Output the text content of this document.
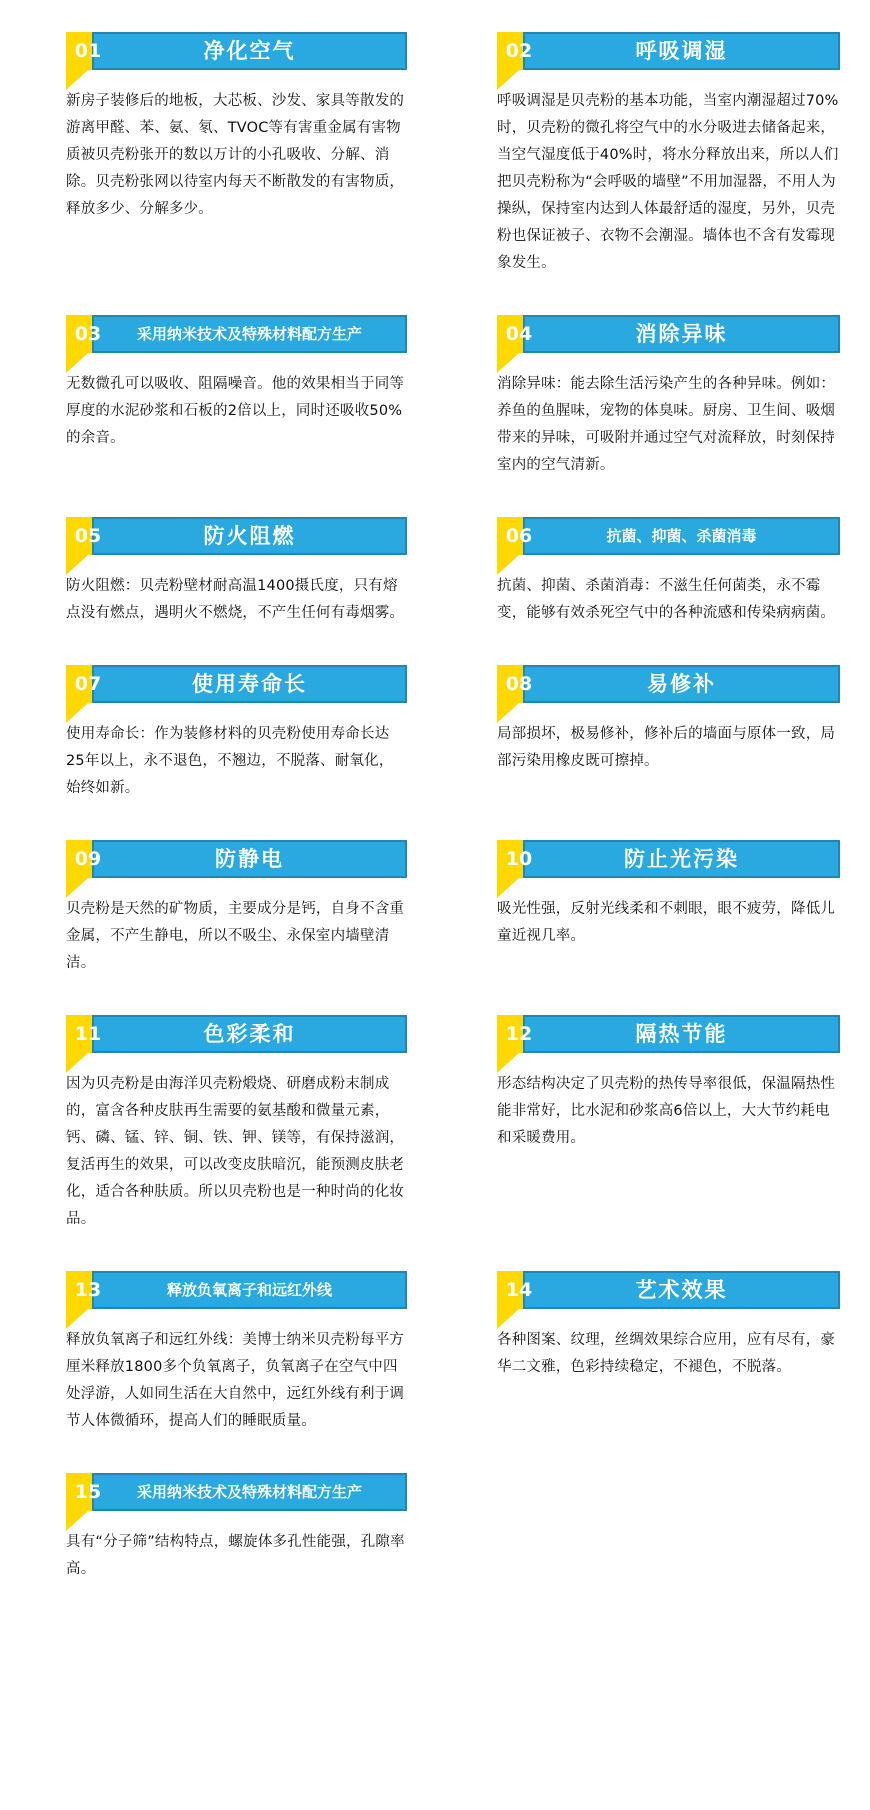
01	净化空气
新房子装修后的地板，大芯板、沙发、家具等散发的游离甲醛、苯、氨、氡、TVOC等有害重金属有害物质被贝壳粉张开的数以万计的小孔吸收、分解、消除。贝壳粉张网以待室内每天不断散发的有害物质，释放多少、分解多少。
02	呼吸调湿
呼吸调湿是贝壳粉的基本功能，当室内潮湿超过70%时，贝壳粉的微孔将空气中的水分吸进去储备起来，当空气湿度低于40%时，将水分释放出来，所以人们把贝壳粉称为“会呼吸的墙壁”不用加湿器，不用人为操纵，保持室内达到人体最舒适的湿度，另外，贝壳粉也保证被子、衣物不会潮湿。墙体也不含有发霉现象发生。
03	采用纳米技术及特殊材料配方生产
无数微孔可以吸收、阻隔噪音。他的效果相当于同等厚度的水泥砂浆和石板的2倍以上，同时还吸收50%的余音。
04	消除异味
消除异味：能去除生活污染产生的各种异味。例如：养鱼的鱼腥味，宠物的体臭味。厨房、卫生间、吸烟带来的异味，可吸附并通过空气对流释放，时刻保持室内的空气清新。
05	防火阻燃
防火阻燃：贝壳粉壁材耐高温1400摄氏度，只有熔点没有燃点，遇明火不燃烧，不产生任何有毒烟雾。
06	抗菌、抑菌、杀菌消毒
抗菌、抑菌、杀菌消毒：不滋生任何菌类，永不霉变，能够有效杀死空气中的各种流感和传染病病菌。
07	使用寿命长
使用寿命长：作为装修材料的贝壳粉使用寿命长达25年以上，永不退色，不翘边，不脱落、耐氧化，始终如新。
08	易修补
局部损坏，极易修补，修补后的墙面与原体一致，局部污染用橡皮既可擦掉。
09	防静电
贝壳粉是天然的矿物质，主要成分是钙，自身不含重金属，不产生静电，所以不吸尘、永保室内墙壁清洁。
10	防止光污染
吸光性强，反射光线柔和不刺眼，眼不疲劳，降低儿童近视几率。
11	色彩柔和
因为贝壳粉是由海洋贝壳粉煅烧、研磨成粉末制成的，富含各种皮肤再生需要的氨基酸和微量元素，钙、磷、锰、锌、铜、铁、钾、镁等，有保持滋润，复活再生的效果，可以改变皮肤暗沉，能预测皮肤老化，适合各种肤质。所以贝壳粉也是一种时尚的化妆品。
12	隔热节能
形态结构决定了贝壳粉的热传导率很低，保温隔热性能非常好，比水泥和砂浆高6倍以上，大大节约耗电和采暖费用。
13	释放负氧离子和远红外线
释放负氧离子和远红外线：美博士纳米贝壳粉每平方厘米释放1800多个负氧离子，负氧离子在空气中四处浮游，人如同生活在大自然中，远红外线有利于调节人体微循环，提高人们的睡眠质量。
14	艺术效果
各种图案、纹理，丝绸效果综合应用，应有尽有，豪华二文雅，色彩持续稳定，不褪色，不脱落。
15	采用纳米技术及特殊材料配方生产
具有“分子筛”结构特点，螺旋体多孔性能强，孔隙率高。
